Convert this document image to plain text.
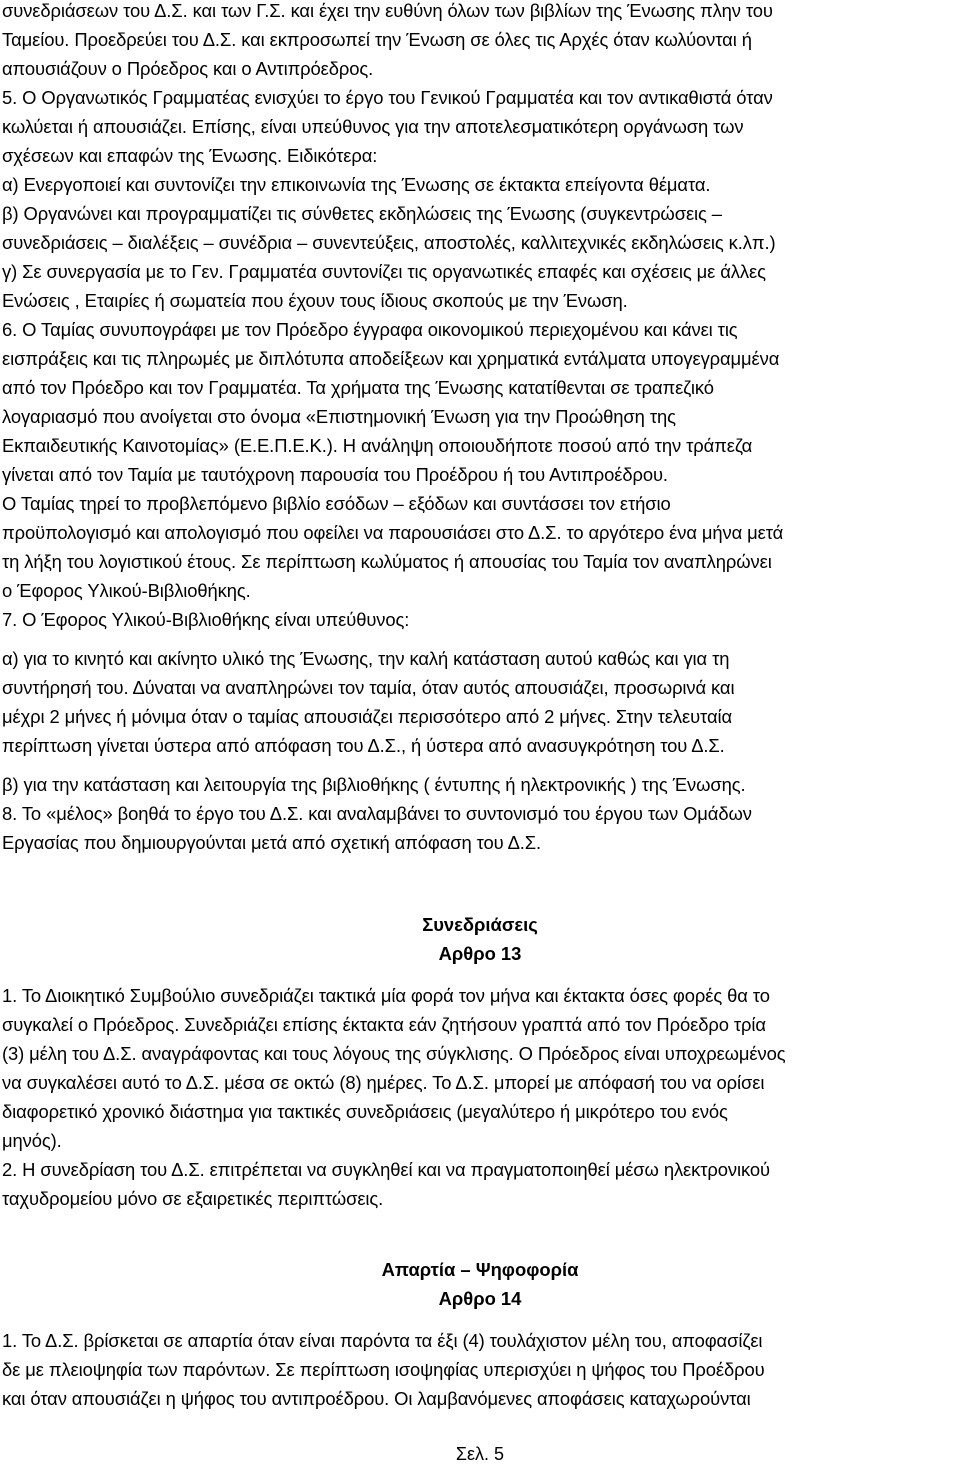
συνεδριάσεων του Δ.Σ. και των Γ.Σ. και έχει την ευθύνη όλων των βιβλίων της Ένωσης πλην του
Ταμείου. Προεδρεύει του Δ.Σ. και εκπροσωπεί την Ένωση σε όλες τις Αρχές όταν κωλύονται ή
απουσιάζουν ο Πρόεδρος και ο Αντιπρόεδρος.
5. Ο Οργανωτικός Γραμματέας ενισχύει το έργο του Γενικού Γραμματέα και τον αντικαθιστά όταν
κωλύεται ή απουσιάζει. Επίσης, είναι υπεύθυνος για την αποτελεσματικότερη οργάνωση των
σχέσεων και επαφών της Ένωσης. Ειδικότερα:
α) Ενεργοποιεί και συντονίζει την επικοινωνία της Ένωσης σε έκτακτα επείγοντα θέματα.
β) Οργανώνει και προγραμματίζει τις σύνθετες εκδηλώσεις της Ένωσης (συγκεντρώσεις –
συνεδριάσεις – διαλέξεις – συνέδρια – συνεντεύξεις, αποστολές, καλλιτεχνικές εκδηλώσεις κ.λπ.)
γ) Σε συνεργασία με το Γεν. Γραμματέα συντονίζει τις οργανωτικές επαφές και σχέσεις με άλλες
Ενώσεις , Εταιρίες ή σωματεία που έχουν τους ίδιους σκοπούς με την Ένωση.
6. Ο Ταμίας συνυπογράφει με τον Πρόεδρο έγγραφα οικονομικού περιεχομένου και κάνει τις
εισπράξεις και τις πληρωμές με διπλότυπα αποδείξεων και χρηματικά εντάλματα υπογεγραμμένα
από τον Πρόεδρο και τον Γραμματέα. Τα χρήματα της Ένωσης κατατίθενται σε τραπεζικό
λογαριασμό που ανοίγεται στο όνομα «Επιστημονική Ένωση για την Προώθηση της
Εκπαιδευτικής Καινοτομίας» (Ε.Ε.Π.Ε.Κ.). Η ανάληψη οποιουδήποτε ποσού από την τράπεζα
γίνεται από τον Ταμία με ταυτόχρονη παρουσία του Προέδρου ή του Αντιπροέδρου.
Ο Ταμίας τηρεί το προβλεπόμενο βιβλίο εσόδων – εξόδων και συντάσσει τον ετήσιο
προϋπολογισμό και απολογισμό που οφείλει να παρουσιάσει στο Δ.Σ. το αργότερο ένα μήνα μετά
τη λήξη του λογιστικού έτους. Σε περίπτωση κωλύματος ή απουσίας του Ταμία τον αναπληρώνει
ο Έφορος Υλικού-Βιβλιοθήκης.
7. Ο Έφορος Υλικού-Βιβλιοθήκης είναι υπεύθυνος:
α) για το κινητό και ακίνητο υλικό της Ένωσης, την καλή κατάσταση αυτού καθώς και για τη
συντήρησή του. Δύναται να αναπληρώνει τον ταμία, όταν αυτός απουσιάζει, προσωρινά και
μέχρι 2 μήνες ή μόνιμα όταν ο ταμίας απουσιάζει περισσότερο από 2 μήνες. Στην τελευταία
περίπτωση γίνεται ύστερα από απόφαση του Δ.Σ., ή ύστερα από ανασυγκρότηση του Δ.Σ.
β) για την κατάσταση και λειτουργία της βιβλιοθήκης ( έντυπης ή ηλεκτρονικής ) της Ένωσης.
8. Το «μέλος» βοηθά το έργο του Δ.Σ. και αναλαμβάνει το συντονισμό του έργου των Ομάδων
Εργασίας που δημιουργούνται μετά από σχετική απόφαση του Δ.Σ.
Συνεδριάσεις
Αρθρο 13
1. Το Διοικητικό Συμβούλιο συνεδριάζει τακτικά μία φορά τον μήνα και έκτακτα όσες φορές θα το
συγκαλεί ο Πρόεδρος. Συνεδριάζει επίσης έκτακτα εάν ζητήσουν γραπτά από τον Πρόεδρο τρία
(3) μέλη του Δ.Σ. αναγράφοντας και τους λόγους της σύγκλισης. Ο Πρόεδρος είναι υποχρεωμένος
να συγκαλέσει αυτό το Δ.Σ. μέσα σε οκτώ (8) ημέρες. Το Δ.Σ. μπορεί με απόφασή του να ορίσει
διαφορετικό χρονικό διάστημα για τακτικές συνεδριάσεις (μεγαλύτερο ή μικρότερο του ενός
μηνός).
2. Η συνεδρίαση του Δ.Σ. επιτρέπεται να συγκληθεί και να πραγματοποιηθεί μέσω ηλεκτρονικού
ταχυδρομείου μόνο σε εξαιρετικές περιπτώσεις.
Απαρτία – Ψηφοφορία
Αρθρο 14
1. Το Δ.Σ. βρίσκεται σε απαρτία όταν είναι παρόντα τα έξι (4) τουλάχιστον μέλη του, αποφασίζει
δε με πλειοψηφία των παρόντων. Σε περίπτωση ισοψηφίας υπερισχύει η ψήφος του Προέδρου
και όταν απουσιάζει η ψήφος του αντιπροέδρου. Οι λαμβανόμενες αποφάσεις καταχωρούνται
Σελ. 5
